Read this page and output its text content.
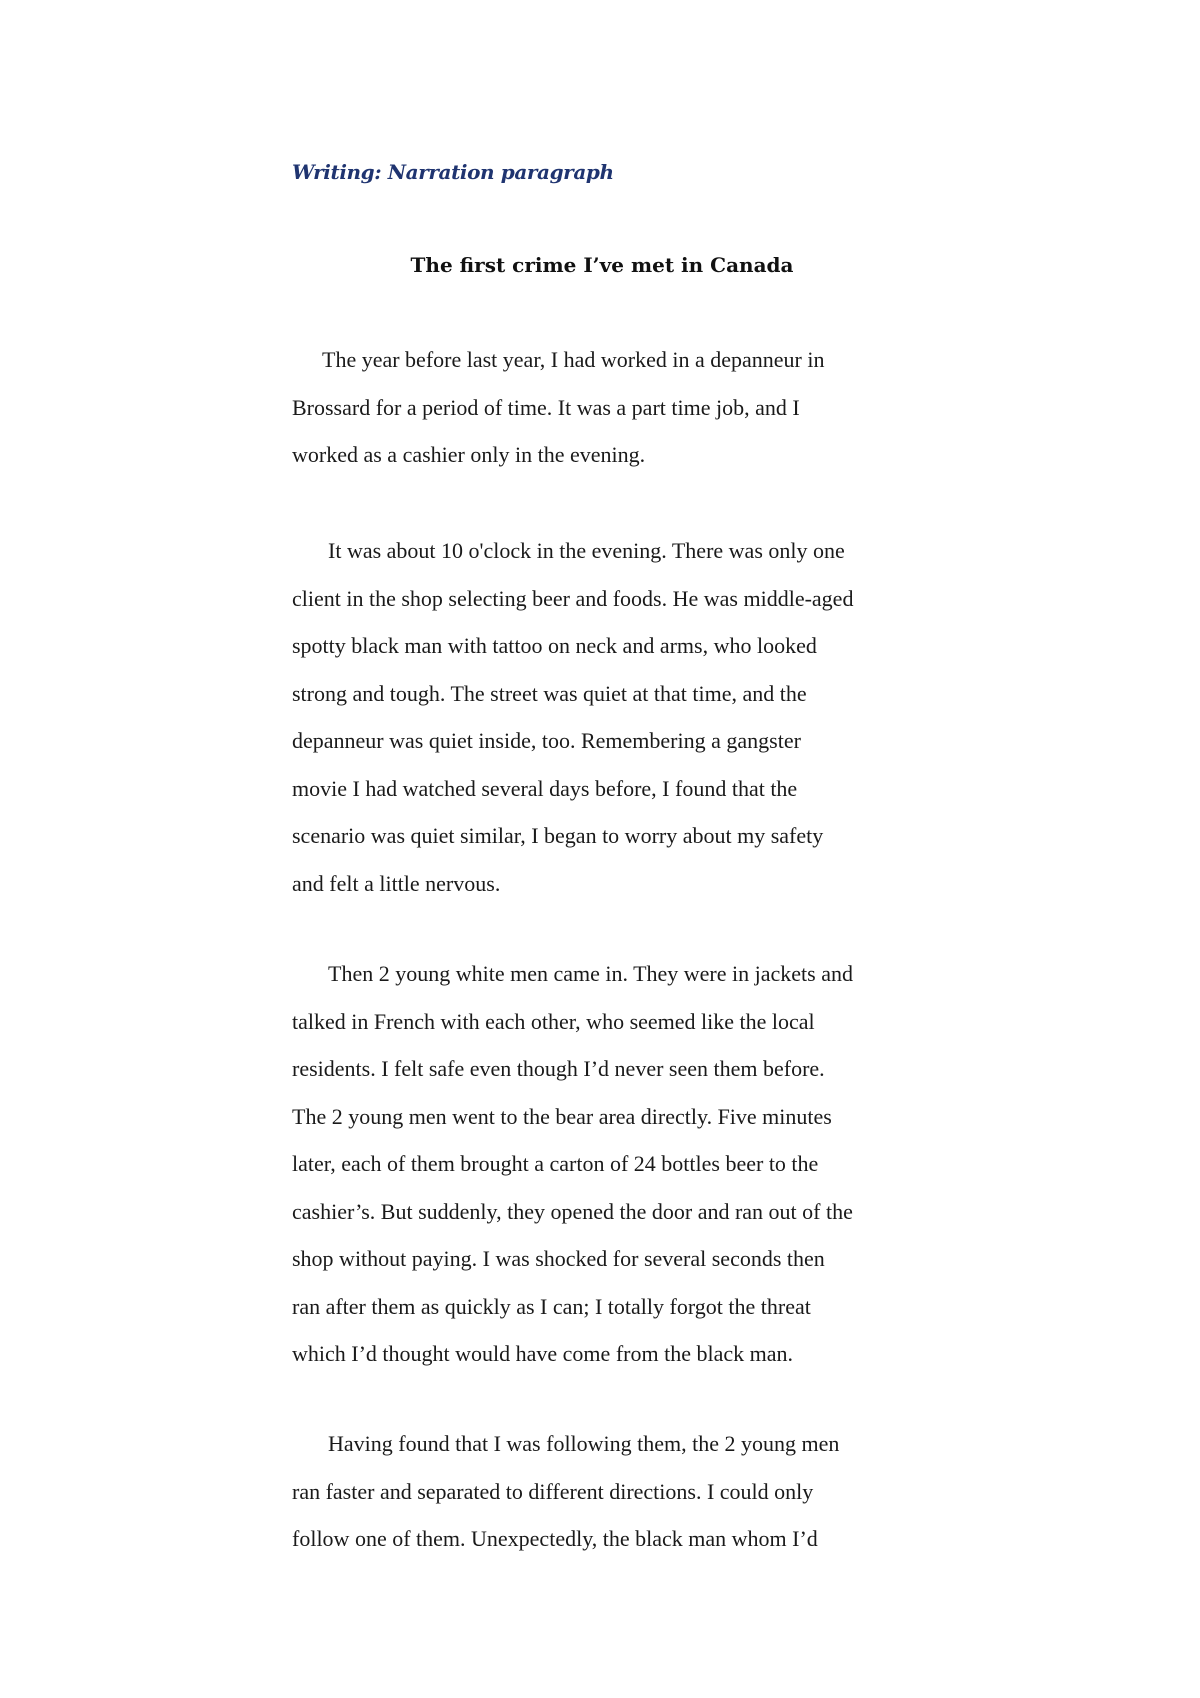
Writing: Narration paragraph
The first crime I’ve met in Canada
The year before last year, I had worked in a depanneur in
Brossard for a period of time. It was a part time job, and I
worked as a cashier only in the evening.
It was about 10 o'clock in the evening. There was only one
client in the shop selecting beer and foods. He was middle-aged
spotty black man with tattoo on neck and arms, who looked
strong and tough. The street was quiet at that time, and the
depanneur was quiet inside, too. Remembering a gangster
movie I had watched several days before, I found that the
scenario was quiet similar, I began to worry about my safety
and felt a little nervous.
Then 2 young white men came in. They were in jackets and
talked in French with each other, who seemed like the local
residents. I felt safe even though I’d never seen them before.
The 2 young men went to the bear area directly. Five minutes
later, each of them brought a carton of 24 bottles beer to the
cashier’s. But suddenly, they opened the door and ran out of the
shop without paying. I was shocked for several seconds then
ran after them as quickly as I can; I totally forgot the threat
which I’d thought would have come from the black man.
Having found that I was following them, the 2 young men
ran faster and separated to different directions. I could only
follow one of them. Unexpectedly, the black man whom I’d
